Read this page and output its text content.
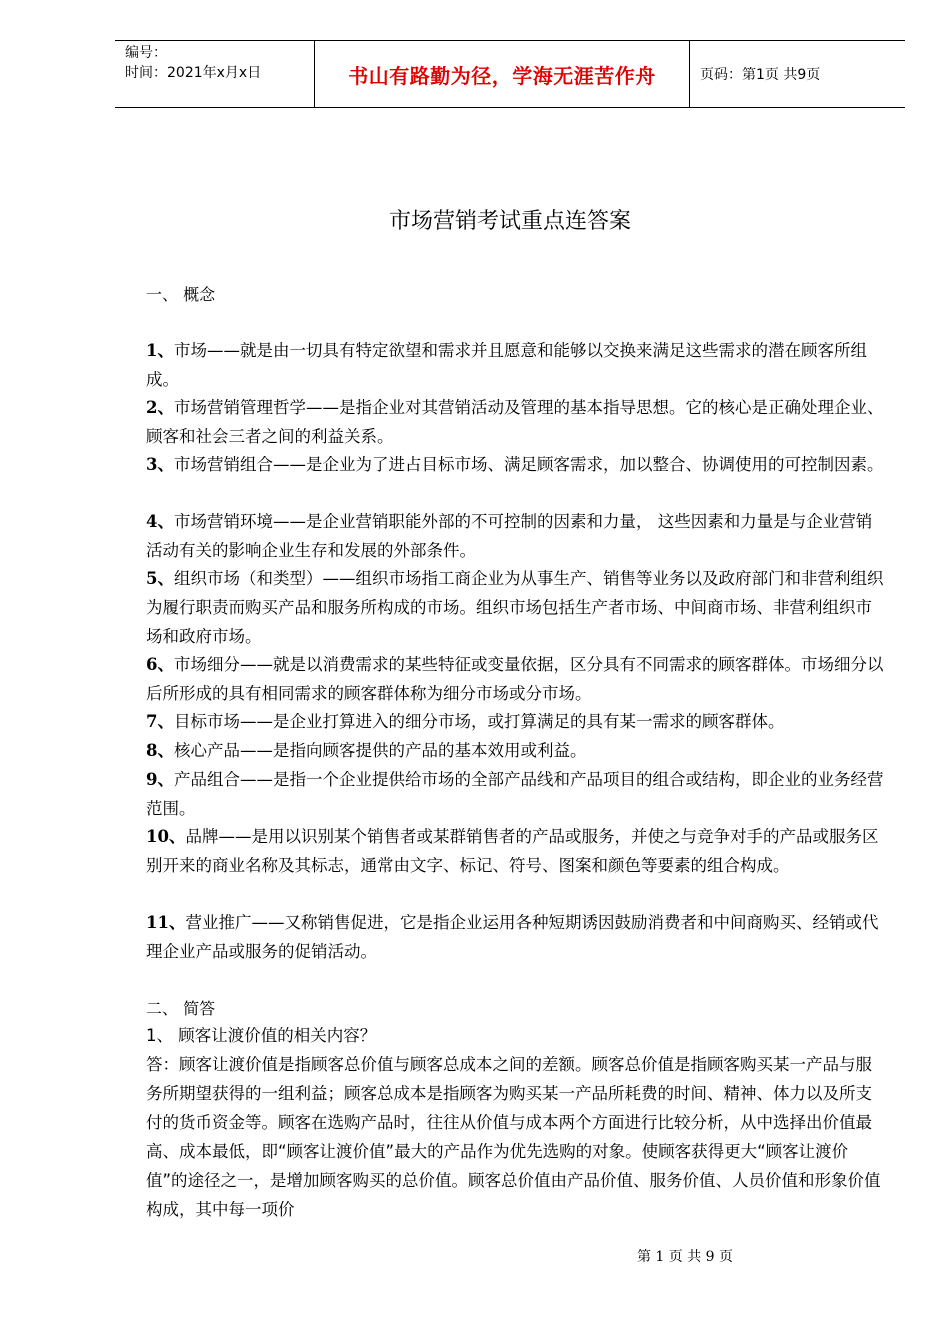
编号：
时间：2021年x月x日	书山有路勤为径，学海无涯苦作舟	页码：第1页 共9页
市场营销考试重点连答案
一、 概念
1、市场——就是由一切具有特定欲望和需求并且愿意和能够以交换来满足这些需求的潜在顾客所组成。
2、市场营销管理哲学——是指企业对其营销活动及管理的基本指导思想。它的核心是正确处理企业、顾客和社会三者之间的利益关系。
3、市场营销组合——是企业为了进占目标市场、满足顾客需求，加以整合、协调使用的可控制因素。
4、市场营销环境——是企业营销职能外部的不可控制的因素和力量， 这些因素和力量是与企业营销活动有关的影响企业生存和发展的外部条件。
5、组织市场（和类型）——组织市场指工商企业为从事生产、销售等业务以及政府部门和非营利组织为履行职责而购买产品和服务所构成的市场。组织市场包括生产者市场、中间商市场、非营利组织市场和政府市场。
6、市场细分——就是以消费需求的某些特征或变量依据，区分具有不同需求的顾客群体。市场细分以后所形成的具有相同需求的顾客群体称为细分市场或分市场。
7、目标市场——是企业打算进入的细分市场，或打算满足的具有某一需求的顾客群体。
8、核心产品——是指向顾客提供的产品的基本效用或利益。
9、产品组合——是指一个企业提供给市场的全部产品线和产品项目的组合或结构，即企业的业务经营范围。
10、品牌——是用以识别某个销售者或某群销售者的产品或服务，并使之与竞争对手的产品或服务区别开来的商业名称及其标志，通常由文字、标记、符号、图案和颜色等要素的组合构成。
11、营业推广——又称销售促进，它是指企业运用各种短期诱因鼓励消费者和中间商购买、经销或代理企业产品或服务的促销活动。
二、 简答
1、 顾客让渡价值的相关内容？
答：顾客让渡价值是指顾客总价值与顾客总成本之间的差额。顾客总价值是指顾客购买某一产品与服务所期望获得的一组利益；顾客总成本是指顾客为购买某一产品所耗费的时间、精神、体力以及所支付的货币资金等。顾客在选购产品时，往往从价值与成本两个方面进行比较分析，从中选择出价值最高、成本最低，即“顾客让渡价值”最大的产品作为优先选购的对象。使顾客获得更大“顾客让渡价值”的途径之一，是增加顾客购买的总价值。顾客总价值由产品价值、服务价值、人员价值和形象价值构成，其中每一项价
第 1 页 共 9 页
